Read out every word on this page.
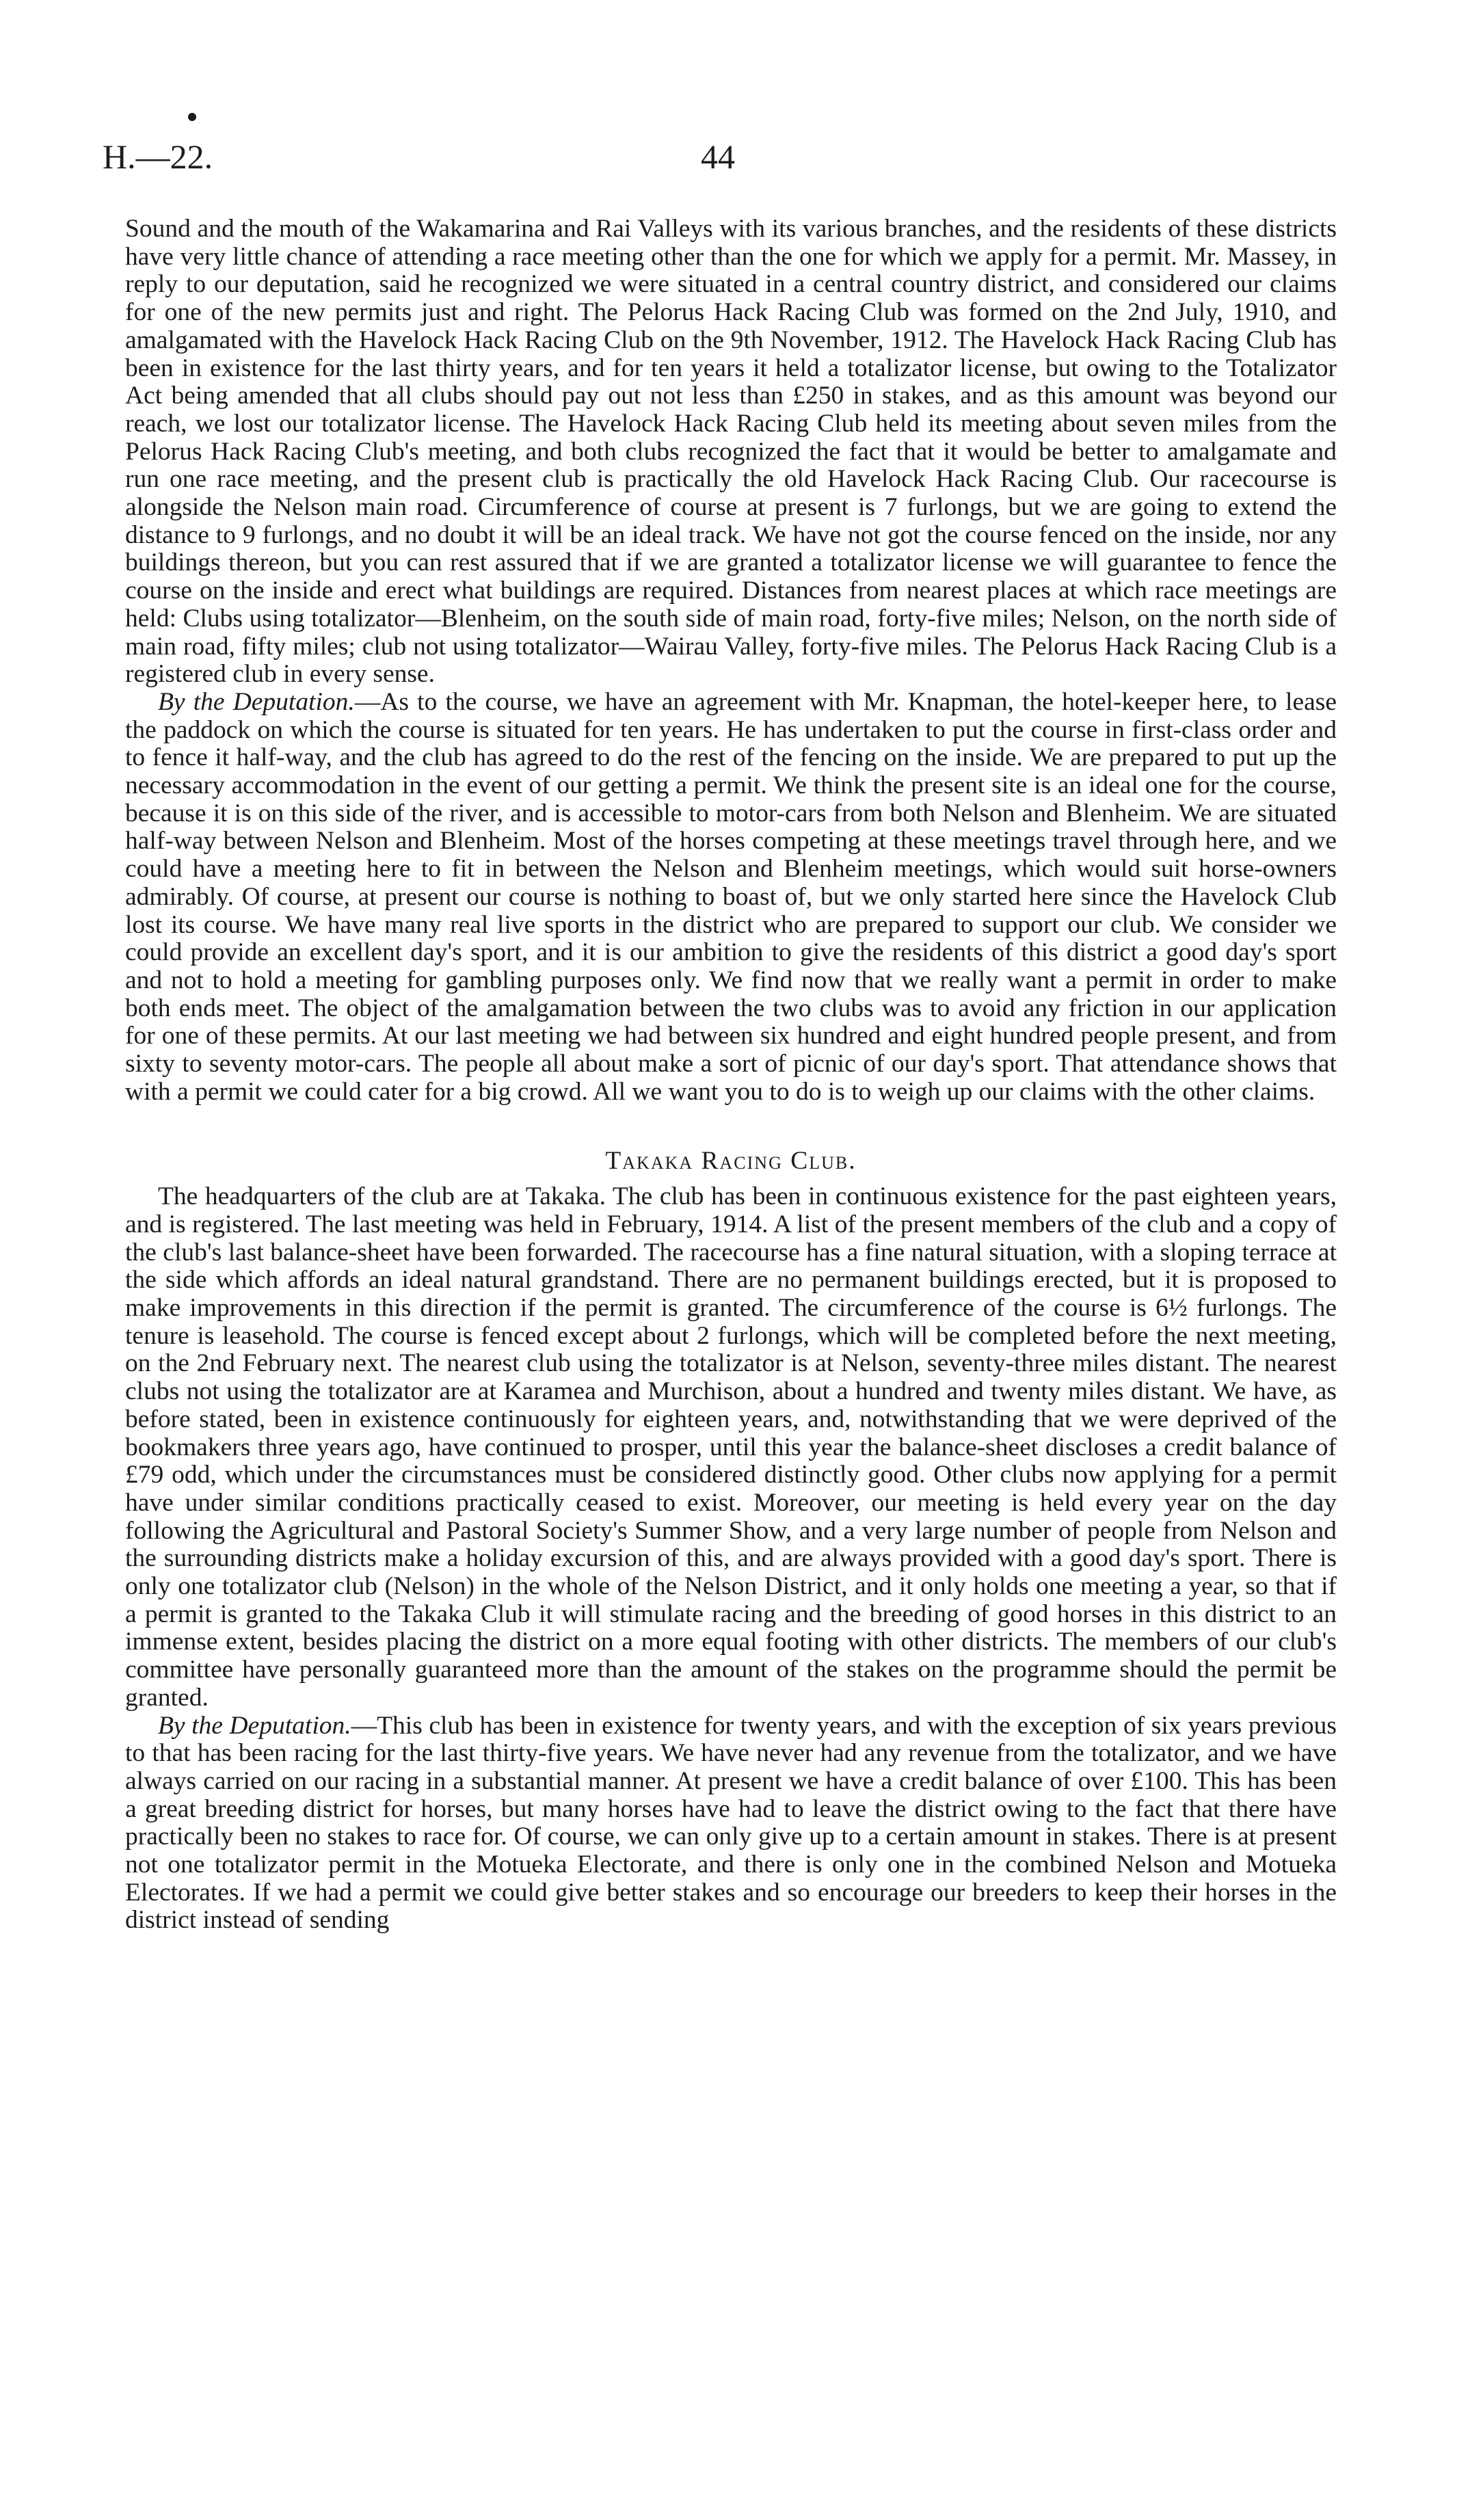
H.—22.	44

Sound and the mouth of the Wakamarina and Rai Valleys with its various branches, and the residents of these districts have very little chance of attending a race meeting other than the one for which we apply for a permit. Mr. Massey, in reply to our deputation, said he recognized we were situated in a central country district, and considered our claims for one of the new permits just and right. The Pelorus Hack Racing Club was formed on the 2nd July, 1910, and amalgamated with the Havelock Hack Racing Club on the 9th November, 1912. The Havelock Hack Racing Club has been in existence for the last thirty years, and for ten years it held a totalizator license, but owing to the Totalizator Act being amended that all clubs should pay out not less than £250 in stakes, and as this amount was beyond our reach, we lost our totalizator license. The Havelock Hack Racing Club held its meeting about seven miles from the Pelorus Hack Racing Club's meeting, and both clubs recognized the fact that it would be better to amalgamate and run one race meeting, and the present club is practically the old Havelock Hack Racing Club. Our racecourse is alongside the Nelson main road. Circumference of course at present is 7 furlongs, but we are going to extend the distance to 9 furlongs, and no doubt it will be an ideal track. We have not got the course fenced on the inside, nor any buildings thereon, but you can rest assured that if we are granted a totalizator license we will guarantee to fence the course on the inside and erect what buildings are required. Distances from nearest places at which race meetings are held: Clubs using totalizator—Blenheim, on the south side of main road, forty-five miles; Nelson, on the north side of main road, fifty miles; club not using totalizator—Wairau Valley, forty-five miles. The Pelorus Hack Racing Club is a registered club in every sense.

By the Deputation.—As to the course, we have an agreement with Mr. Knapman, the hotel-keeper here, to lease the paddock on which the course is situated for ten years. He has undertaken to put the course in first-class order and to fence it half-way, and the club has agreed to do the rest of the fencing on the inside. We are prepared to put up the necessary accommodation in the event of our getting a permit. We think the present site is an ideal one for the course, because it is on this side of the river, and is accessible to motor-cars from both Nelson and Blenheim. We are situated half-way between Nelson and Blenheim. Most of the horses competing at these meetings travel through here, and we could have a meeting here to fit in between the Nelson and Blenheim meetings, which would suit horse-owners admirably. Of course, at present our course is nothing to boast of, but we only started here since the Havelock Club lost its course. We have many real live sports in the district who are prepared to support our club. We consider we could provide an excellent day's sport, and it is our ambition to give the residents of this district a good day's sport and not to hold a meeting for gambling purposes only. We find now that we really want a permit in order to make both ends meet. The object of the amalgamation between the two clubs was to avoid any friction in our application for one of these permits. At our last meeting we had between six hundred and eight hundred people present, and from sixty to seventy motor-cars. The people all about make a sort of picnic of our day's sport. That attendance shows that with a permit we could cater for a big crowd. All we want you to do is to weigh up our claims with the other claims.

Takaka Racing Club.

The headquarters of the club are at Takaka. The club has been in continuous existence for the past eighteen years, and is registered. The last meeting was held in February, 1914. A list of the present members of the club and a copy of the club's last balance-sheet have been forwarded. The racecourse has a fine natural situation, with a sloping terrace at the side which affords an ideal natural grandstand. There are no permanent buildings erected, but it is proposed to make improvements in this direction if the permit is granted. The circumference of the course is 6½ furlongs. The tenure is leasehold. The course is fenced except about 2 furlongs, which will be completed before the next meeting, on the 2nd February next. The nearest club using the totalizator is at Nelson, seventy-three miles distant. The nearest clubs not using the totalizator are at Karamea and Murchison, about a hundred and twenty miles distant. We have, as before stated, been in existence continuously for eighteen years, and, notwithstanding that we were deprived of the bookmakers three years ago, have continued to prosper, until this year the balance-sheet discloses a credit balance of £79 odd, which under the circumstances must be considered distinctly good. Other clubs now applying for a permit have under similar conditions practically ceased to exist. Moreover, our meeting is held every year on the day following the Agricultural and Pastoral Society's Summer Show, and a very large number of people from Nelson and the surrounding districts make a holiday excursion of this, and are always provided with a good day's sport. There is only one totalizator club (Nelson) in the whole of the Nelson District, and it only holds one meeting a year, so that if a permit is granted to the Takaka Club it will stimulate racing and the breeding of good horses in this district to an immense extent, besides placing the district on a more equal footing with other districts. The members of our club's committee have personally guaranteed more than the amount of the stakes on the programme should the permit be granted.

By the Deputation.—This club has been in existence for twenty years, and with the exception of six years previous to that has been racing for the last thirty-five years. We have never had any revenue from the totalizator, and we have always carried on our racing in a substantial manner. At present we have a credit balance of over £100. This has been a great breeding district for horses, but many horses have had to leave the district owing to the fact that there have practically been no stakes to race for. Of course, we can only give up to a certain amount in stakes. There is at present not one totalizator permit in the Motueka Electorate, and there is only one in the combined Nelson and Motueka Electorates. If we had a permit we could give better stakes and so encourage our breeders to keep their horses in the district instead of sending
